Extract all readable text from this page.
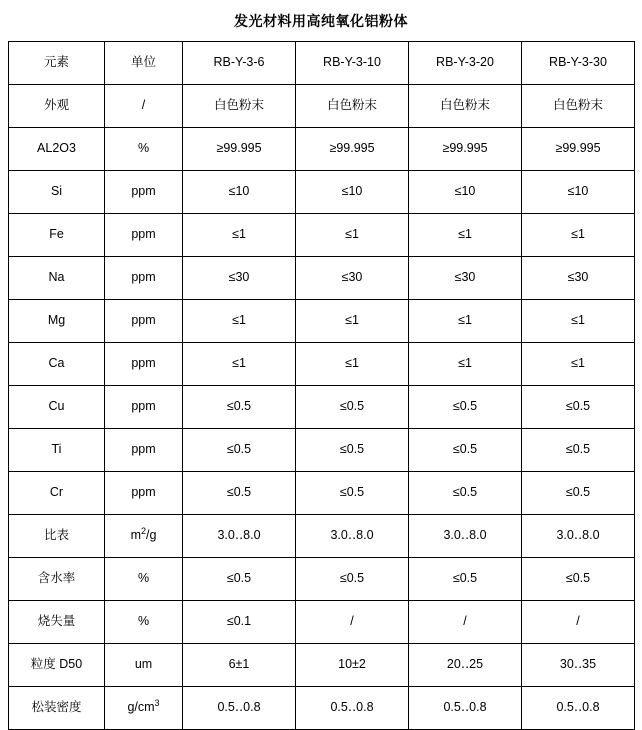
发光材料用高纯氧化铝粉体
元素	单位	RB-Y-3-6	RB-Y-3-10	RB-Y-3-20	RB-Y-3-30
外观	/	白色粉末	白色粉末	白色粉末	白色粉末
AL2O3	%	≥99.995	≥99.995	≥99.995	≥99.995
Si	ppm	≤10	≤10	≤10	≤10
Fe	ppm	≤1	≤1	≤1	≤1
Na	ppm	≤30	≤30	≤30	≤30
Mg	ppm	≤1	≤1	≤1	≤1
Ca	ppm	≤1	≤1	≤1	≤1
Cu	ppm	≤0.5	≤0.5	≤0.5	≤0.5
Ti	ppm	≤0.5	≤0.5	≤0.5	≤0.5
Cr	ppm	≤0.5	≤0.5	≤0.5	≤0.5
比表	$m^2/g$	3.0‥8.0	3.0‥8.0	3.0‥8.0	3.0‥8.0
含水率	%	≤0.5	≤0.5	≤0.5	≤0.5
烧失量	%	≤0.1	/	/	/
粒度 D50	um	6±1	10±2	20‥25	30‥35
松装密度	$g/cm^3$	0.5‥0.8	0.5‥0.8	0.5‥0.8	0.5‥0.8
